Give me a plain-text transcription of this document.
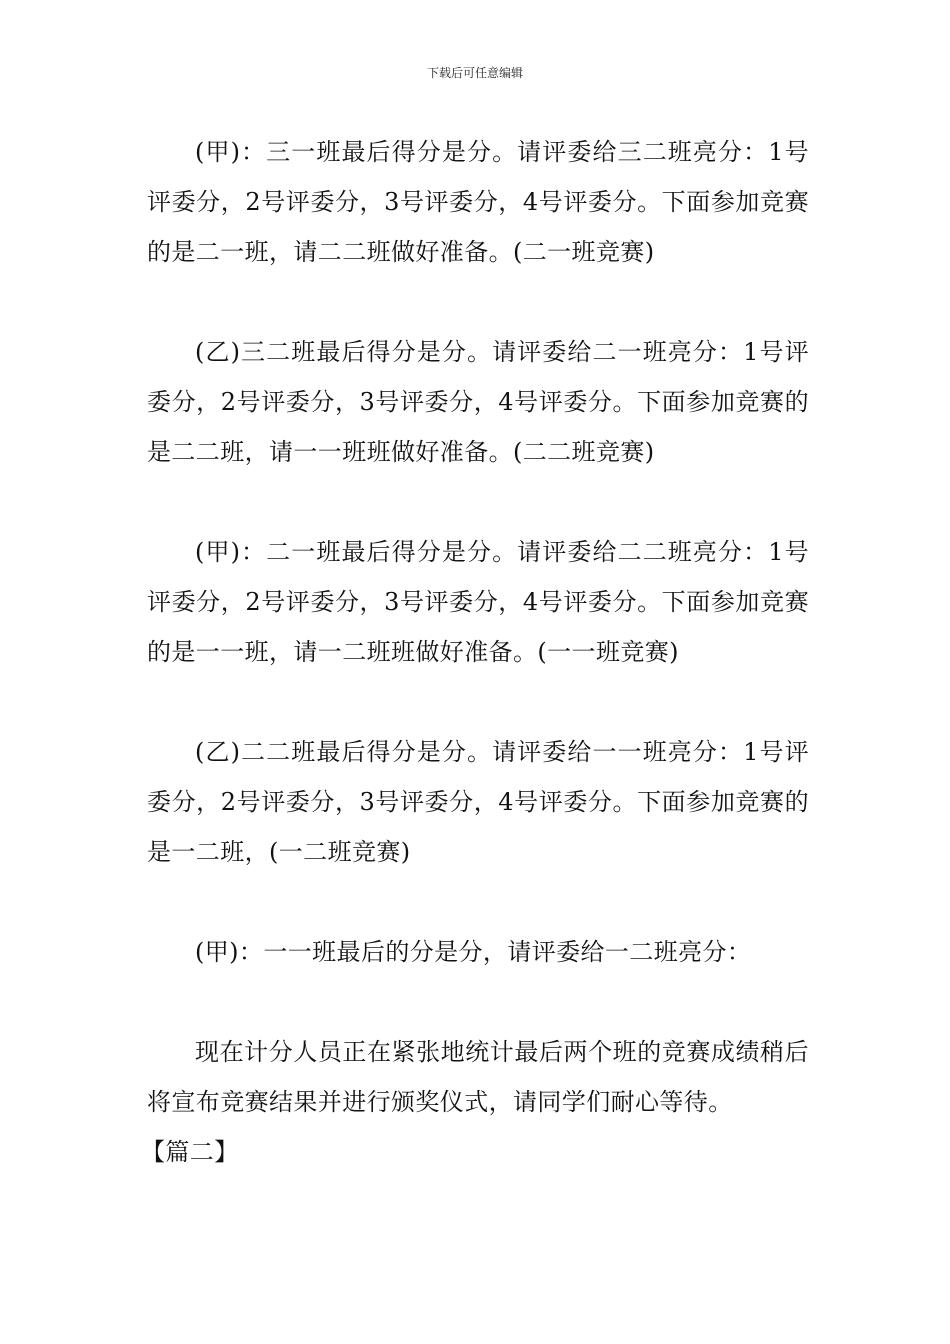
下载后可任意编辑

(甲)：三一班最后得分是分。请评委给三二班亮分：1号评委分，2号评委分，3号评委分，4号评委分。下面参加竞赛的是二一班，请二二班做好准备。(二一班竞赛)

(乙)三二班最后得分是分。请评委给二一班亮分：1号评委分，2号评委分，3号评委分，4号评委分。下面参加竞赛的是二二班，请一一班班做好准备。(二二班竞赛)

(甲)：二一班最后得分是分。请评委给二二班亮分：1号评委分，2号评委分，3号评委分，4号评委分。下面参加竞赛的是一一班，请一二班班做好准备。(一一班竞赛)

(乙)二二班最后得分是分。请评委给一一班亮分：1号评委分，2号评委分，3号评委分，4号评委分。下面参加竞赛的是一二班，(一二班竞赛)

(甲)：一一班最后的分是分，请评委给一二班亮分：

现在计分人员正在紧张地统计最后两个班的竞赛成绩稍后将宣布竞赛结果并进行颁奖仪式，请同学们耐心等待。

【篇二】
